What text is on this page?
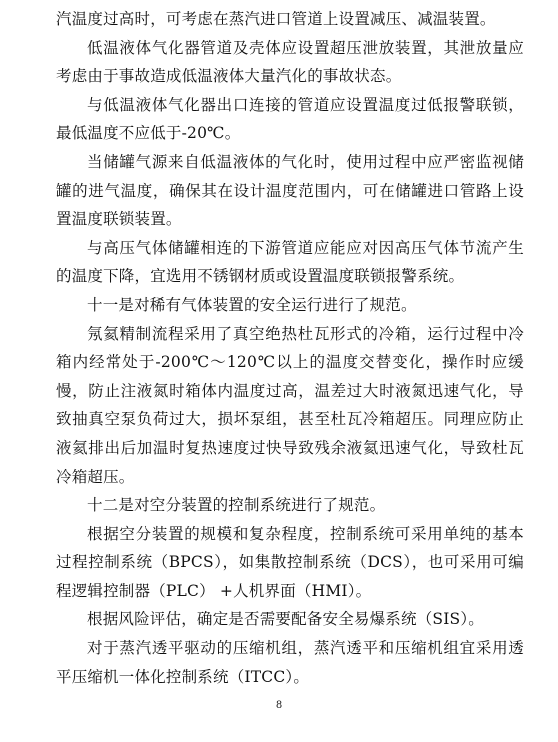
汽温度过高时，可考虑在蒸汽进口管道上设置减压、减温装置。

低温液体气化器管道及壳体应设置超压泄放装置，其泄放量应考虑由于事故造成低温液体大量汽化的事故状态。

与低温液体气化器出口连接的管道应设置温度过低报警联锁，最低温度不应低于-20℃。

当储罐气源来自低温液体的气化时，使用过程中应严密监视储罐的进气温度，确保其在设计温度范围内，可在储罐进口管路上设置温度联锁装置。

与高压气体储罐相连的下游管道应能应对因高压气体节流产生的温度下降，宜选用不锈钢材质或设置温度联锁报警系统。

十一是对稀有气体装置的安全运行进行了规范。

氖氦精制流程采用了真空绝热杜瓦形式的冷箱，运行过程中冷箱内经常处于-200℃～120℃以上的温度交替变化，操作时应缓慢，防止注液氮时箱体内温度过高，温差过大时液氮迅速气化，导致抽真空泵负荷过大，损坏泵组，甚至杜瓦冷箱超压。同理应防止液氦排出后加温时复热速度过快导致残余液氦迅速气化，导致杜瓦冷箱超压。

十二是对空分装置的控制系统进行了规范。

根据空分装置的规模和复杂程度，控制系统可采用单纯的基本过程控制系统（BPCS），如集散控制系统（DCS），也可采用可编程逻辑控制器（PLC） +人机界面（HMI）。

根据风险评估，确定是否需要配备安全易爆系统（SIS）。

对于蒸汽透平驱动的压缩机组，蒸汽透平和压缩机组宜采用透平压缩机一体化控制系统（ITCC）。

8
